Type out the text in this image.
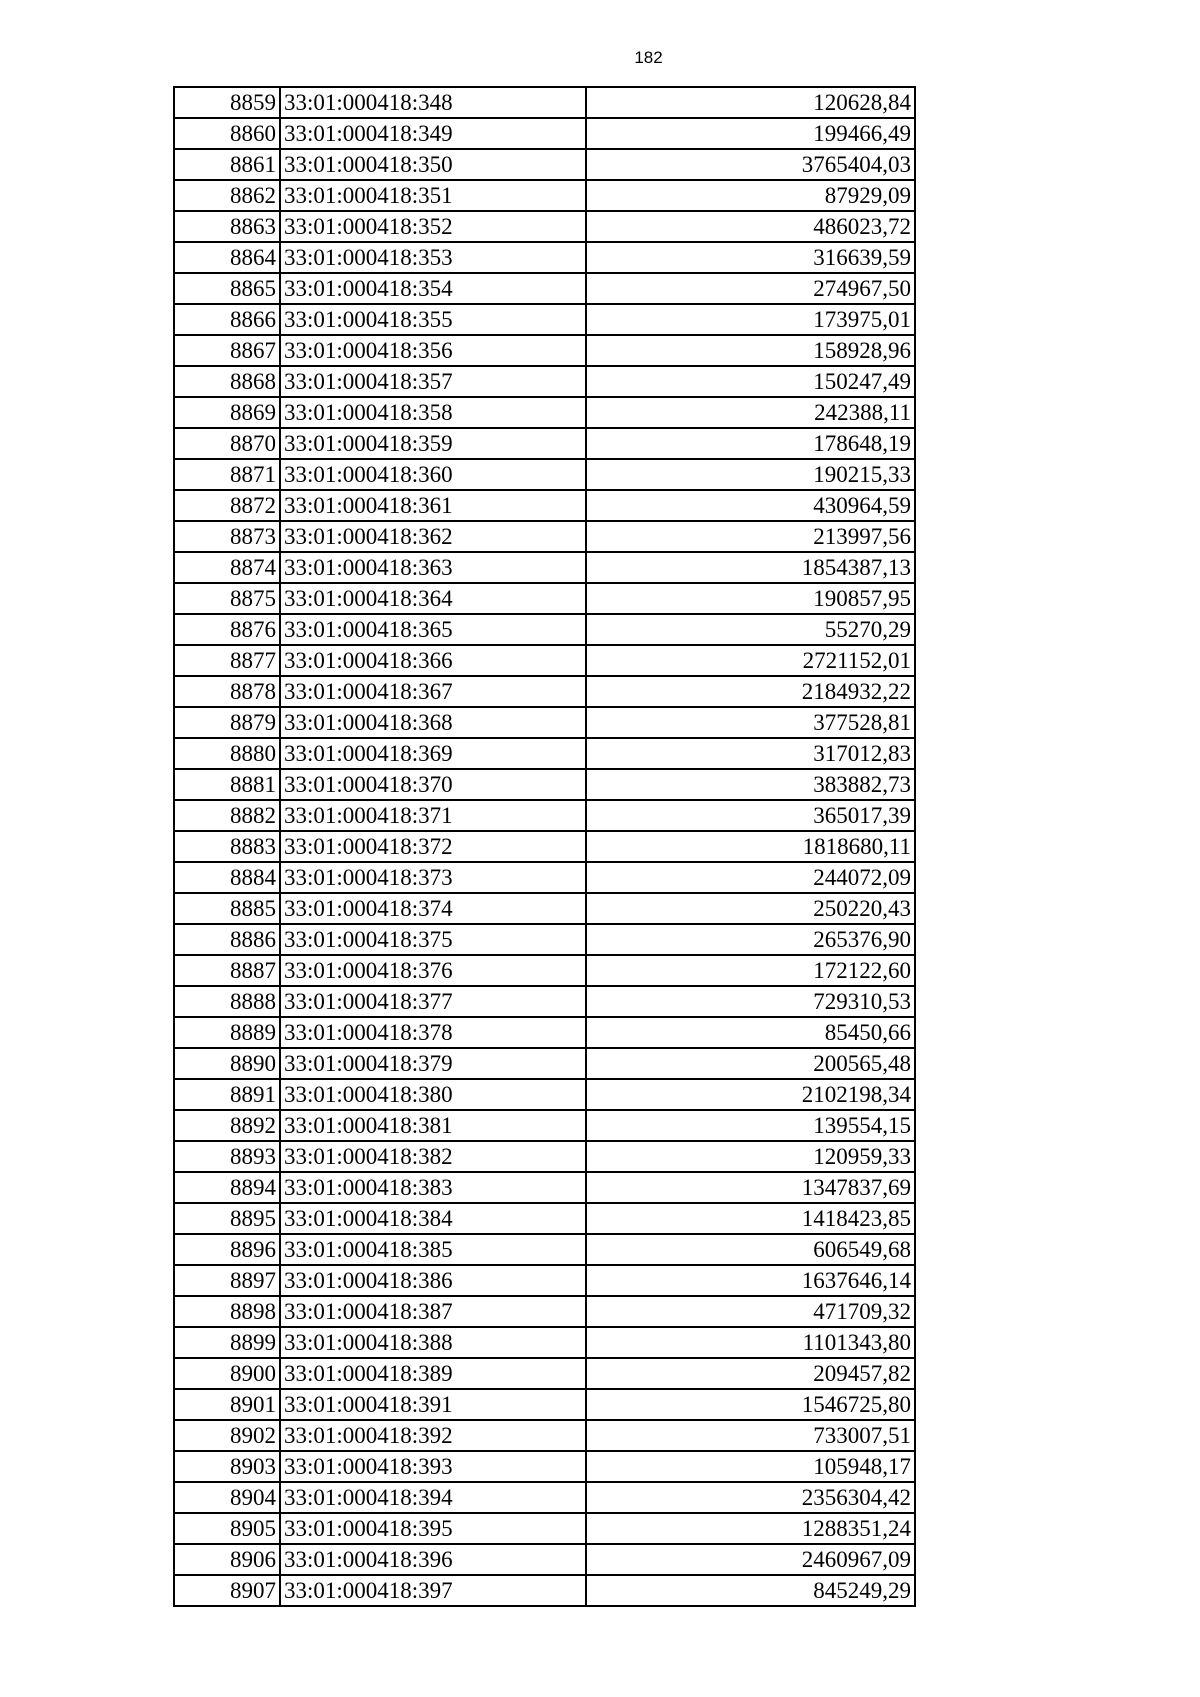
182
8859	33:01:000418:348	120628,84
8860	33:01:000418:349	199466,49
8861	33:01:000418:350	3765404,03
8862	33:01:000418:351	87929,09
8863	33:01:000418:352	486023,72
8864	33:01:000418:353	316639,59
8865	33:01:000418:354	274967,50
8866	33:01:000418:355	173975,01
8867	33:01:000418:356	158928,96
8868	33:01:000418:357	150247,49
8869	33:01:000418:358	242388,11
8870	33:01:000418:359	178648,19
8871	33:01:000418:360	190215,33
8872	33:01:000418:361	430964,59
8873	33:01:000418:362	213997,56
8874	33:01:000418:363	1854387,13
8875	33:01:000418:364	190857,95
8876	33:01:000418:365	55270,29
8877	33:01:000418:366	2721152,01
8878	33:01:000418:367	2184932,22
8879	33:01:000418:368	377528,81
8880	33:01:000418:369	317012,83
8881	33:01:000418:370	383882,73
8882	33:01:000418:371	365017,39
8883	33:01:000418:372	1818680,11
8884	33:01:000418:373	244072,09
8885	33:01:000418:374	250220,43
8886	33:01:000418:375	265376,90
8887	33:01:000418:376	172122,60
8888	33:01:000418:377	729310,53
8889	33:01:000418:378	85450,66
8890	33:01:000418:379	200565,48
8891	33:01:000418:380	2102198,34
8892	33:01:000418:381	139554,15
8893	33:01:000418:382	120959,33
8894	33:01:000418:383	1347837,69
8895	33:01:000418:384	1418423,85
8896	33:01:000418:385	606549,68
8897	33:01:000418:386	1637646,14
8898	33:01:000418:387	471709,32
8899	33:01:000418:388	1101343,80
8900	33:01:000418:389	209457,82
8901	33:01:000418:391	1546725,80
8902	33:01:000418:392	733007,51
8903	33:01:000418:393	105948,17
8904	33:01:000418:394	2356304,42
8905	33:01:000418:395	1288351,24
8906	33:01:000418:396	2460967,09
8907	33:01:000418:397	845249,29
